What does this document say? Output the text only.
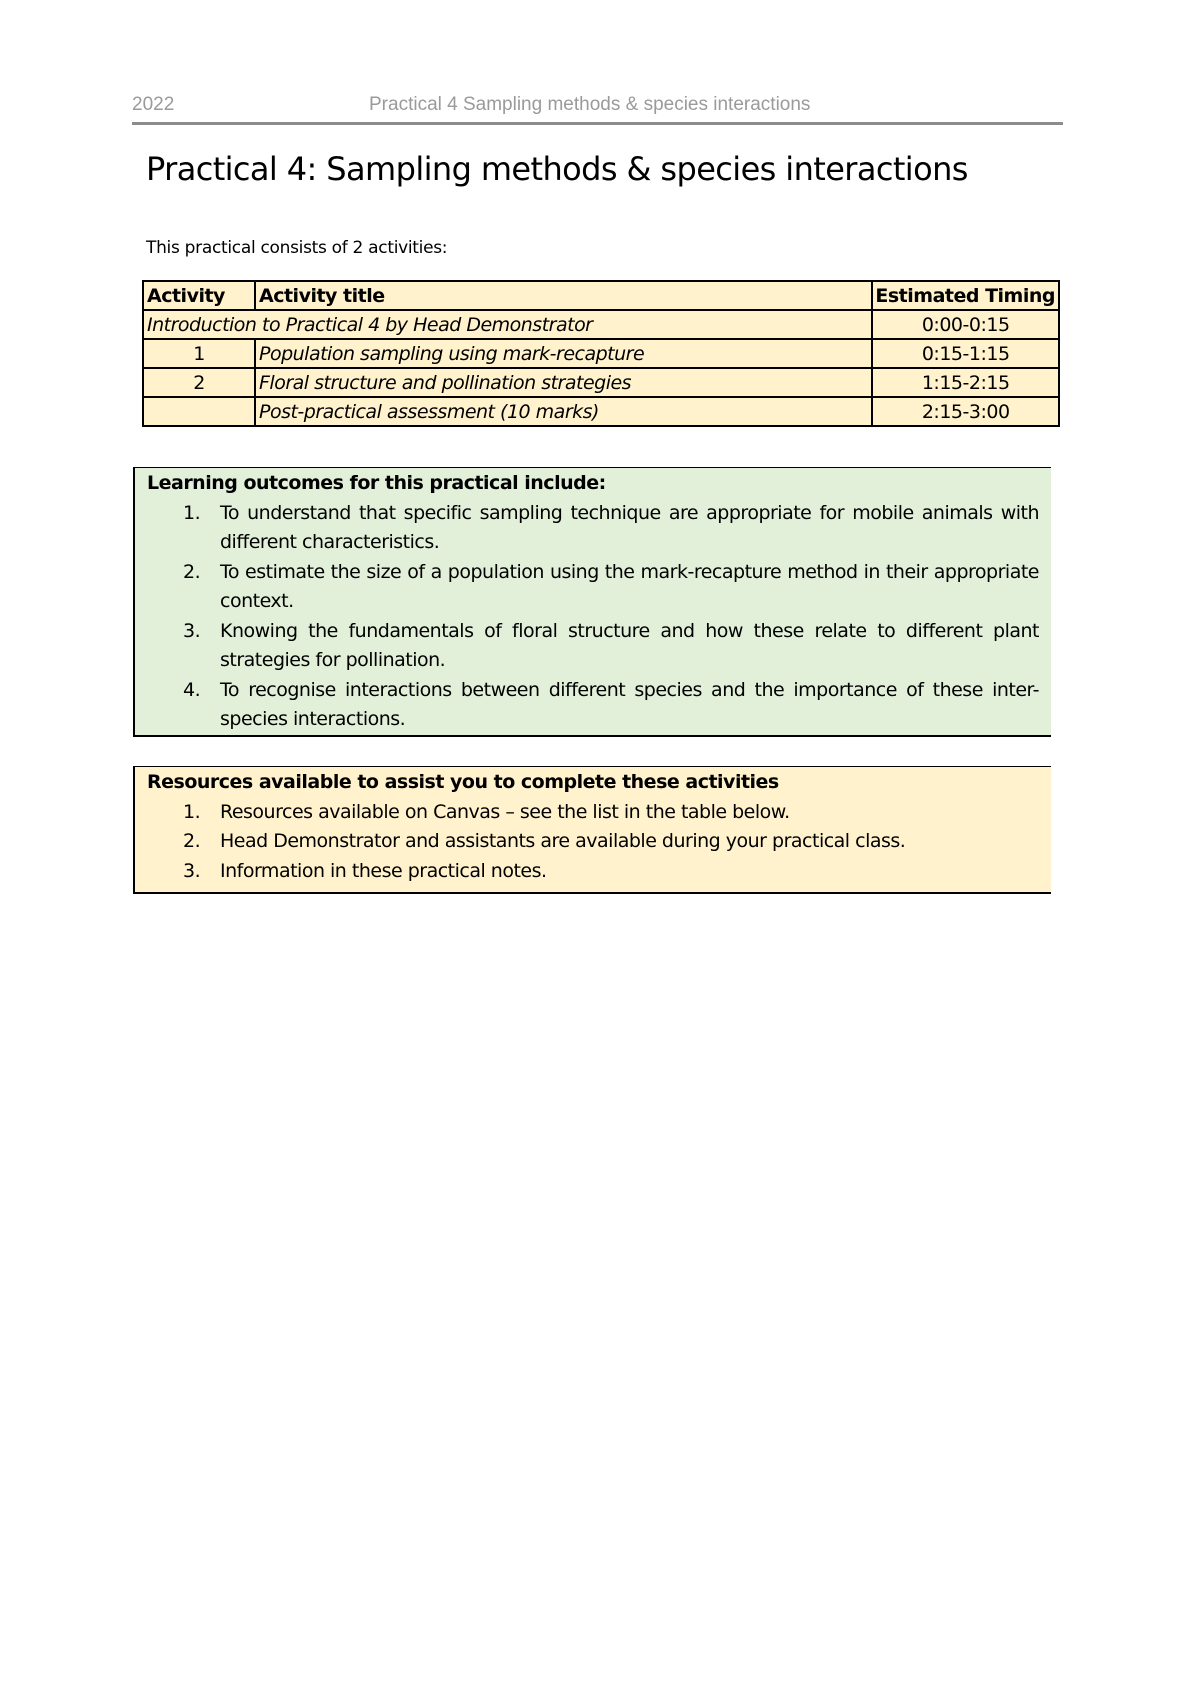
2022	Practical 4 Sampling methods & species interactions
Practical 4: Sampling methods & species interactions
This practical consists of 2 activities:
Activity	Activity title	Estimated Timing
Introduction to Practical 4 by Head Demonstrator		0:00-0:15
1	Population sampling using mark-recapture	0:15-1:15
2	Floral structure and pollination strategies	1:15-2:15
	Post-practical assessment (10 marks)	2:15-3:00
Learning outcomes for this practical include:
1. To understand that specific sampling technique are appropriate for mobile animals with different characteristics.
2. To estimate the size of a population using the mark-recapture method in their appropriate context.
3. Knowing the fundamentals of floral structure and how these relate to different plant strategies for pollination.
4. To recognise interactions between different species and the importance of these inter-species interactions.
Resources available to assist you to complete these activities
1. Resources available on Canvas – see the list in the table below.
2. Head Demonstrator and assistants are available during your practical class.
3. Information in these practical notes.
